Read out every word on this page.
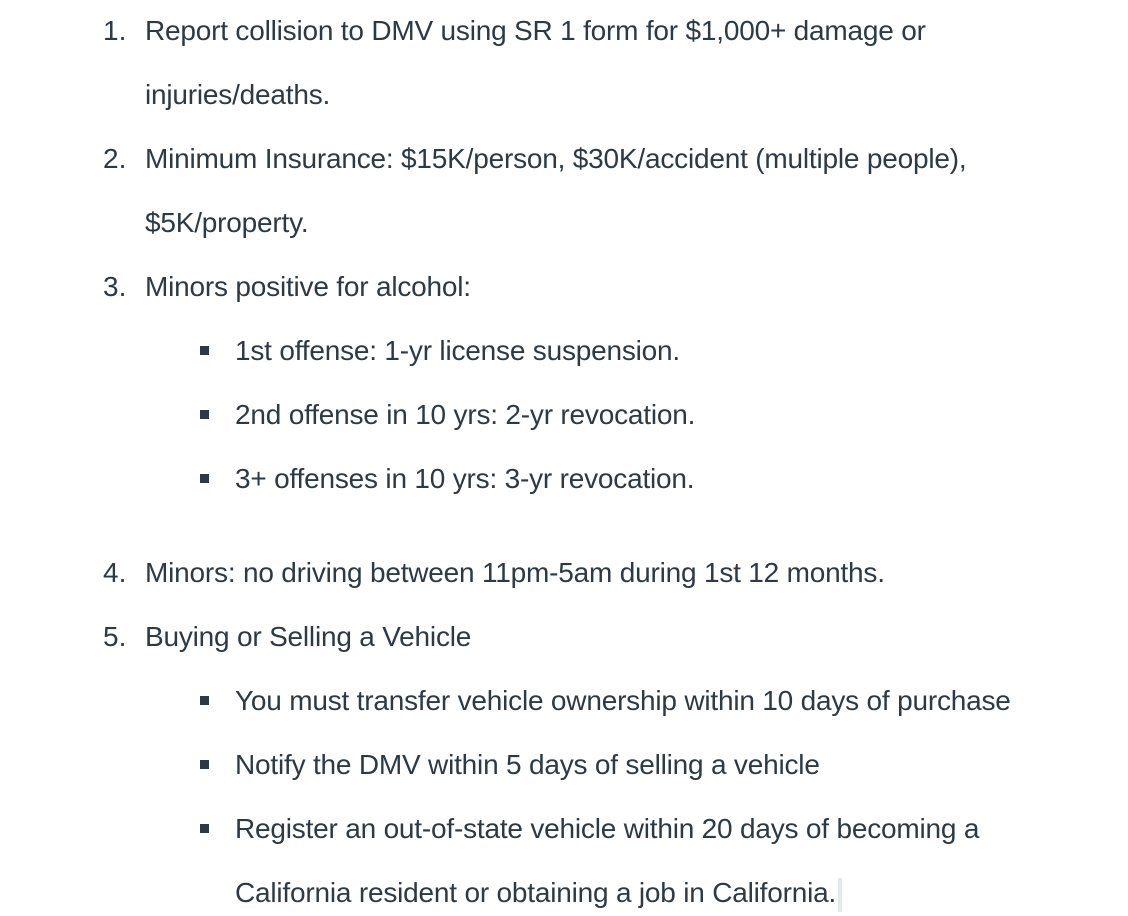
1. Report collision to DMV using SR 1 form for $1,000+ damage or
injuries/deaths.
2. Minimum Insurance: $15K/person, $30K/accident (multiple people),
$5K/property.
3. Minors positive for alcohol:
1st offense: 1-yr license suspension.
2nd offense in 10 yrs: 2-yr revocation.
3+ offenses in 10 yrs: 3-yr revocation.
4. Minors: no driving between 11pm-5am during 1st 12 months.
5. Buying or Selling a Vehicle
You must transfer vehicle ownership within 10 days of purchase
Notify the DMV within 5 days of selling a vehicle
Register an out-of-state vehicle within 20 days of becoming a
California resident or obtaining a job in California.
